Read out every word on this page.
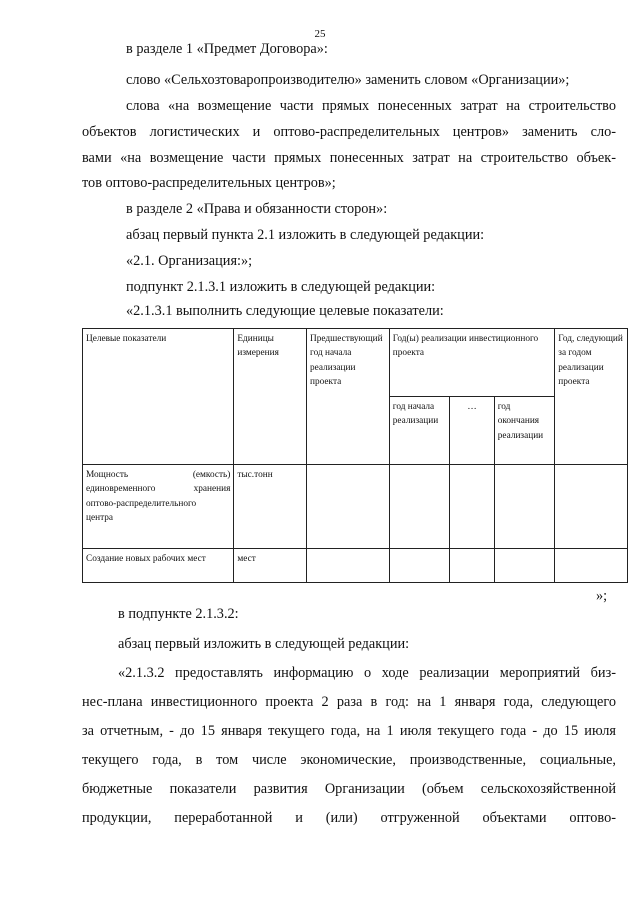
25
в разделе 1 «Предмет Договора»:
слово «Сельхозтоваропроизводителю» заменить словом «Организации»;
слова «на возмещение части прямых понесенных затрат на строительство
объектов логистических и оптово-распределительных центров» заменить сло-
вами «на возмещение части прямых понесенных затрат на строительство объек-
тов оптово-распределительных центров»;
в разделе 2 «Права и обязанности сторон»:
абзац первый пункта 2.1 изложить в следующей редакции:
«2.1. Организация:»;
подпункт 2.1.3.1 изложить в следующей редакции:
«2.1.3.1 выполнить следующие целевые показатели:
Целевые показатели	Единицы измерения	Предшествующий год начала реализации проекта	Год(ы) реализации инвестиционного проекта			Год, следующий за годом реализации проекта
			год начала реализации	…	год окончания реализации	

Мощность (емкость)
единовременного хранения
оптово-распределительного
центра	тыс.тонн					
Создание новых рабочих мест	мест					
»;
в подпункте 2.1.3.2:
абзац первый изложить в следующей редакции:
«2.1.3.2 предоставлять информацию о ходе реализации мероприятий биз-
нес-плана инвестиционного проекта 2 раза в год: на 1 января года, следующего
за отчетным, - до 15 января текущего года, на 1 июля текущего года - до 15 июля
текущего года, в том числе экономические, производственные, социальные,
бюджетные показатели развития Организации (объем сельскохозяйственной
продукции, переработанной и (или) отгруженной объектами оптово-
